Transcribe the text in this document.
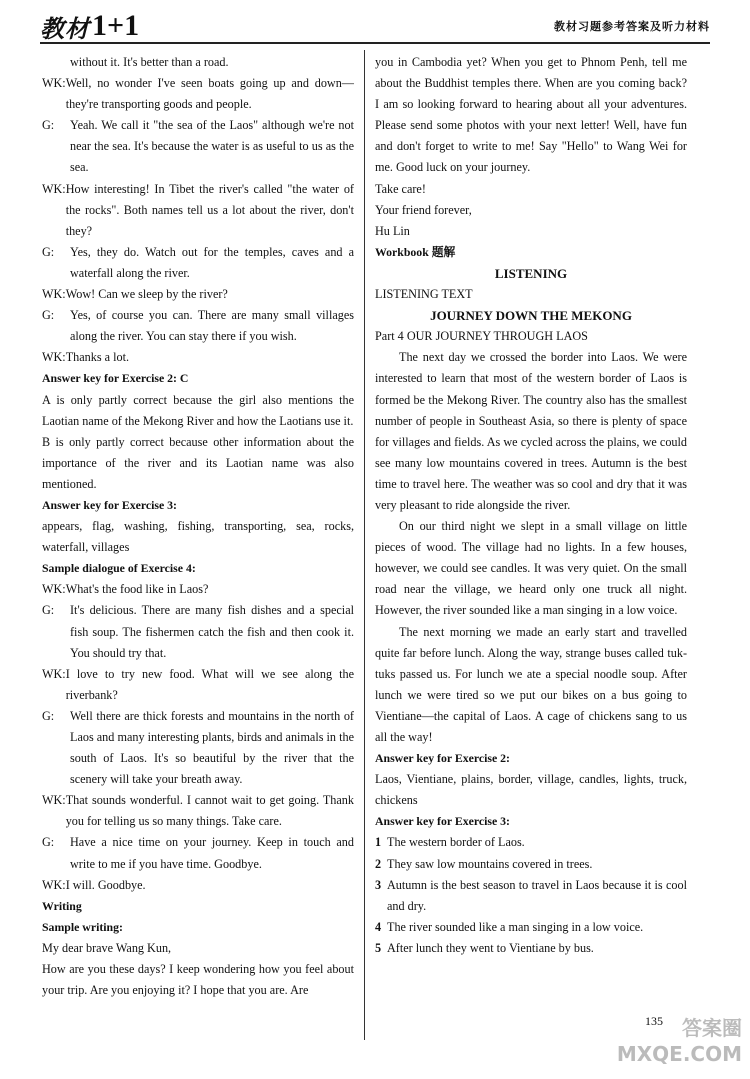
教材 1+1	教材习题参考答案及听力材料

without it. It's better than a road.

WK: Well, no wonder I've seen boats going up and down—they're transporting goods and people.
G:	Yeah. We call it "the sea of the Laos" although we're not near the sea. It's because the water is as useful to us as the sea.
WK: How interesting! In Tibet the river's called "the water of the rocks". Both names tell us a lot about the river, don't they?
G:	Yes, they do. Watch out for the temples, caves and a waterfall along the river.
WK: Wow! Can we sleep by the river?
G:	Yes, of course you can. There are many small villages along the river. You can stay there if you wish.
WK: Thanks a lot.

Answer key for Exercise 2: C

A is only partly correct because the girl also mentions the Laotian name of the Mekong River and how the Laotians use it.

B is only partly correct because other information about the importance of the river and its Laotian name was also mentioned.

Answer key for Exercise 3:

appears, flag, washing, fishing, transporting, sea, rocks, waterfall, villages

Sample dialogue of Exercise 4:

WK: What's the food like in Laos?
G:	It's delicious. There are many fish dishes and a special fish soup. The fishermen catch the fish and then cook it. You should try that.
WK: I love to try new food. What will we see along the riverbank?
G:	Well there are thick forests and mountains in the north of Laos and many interesting plants, birds and animals in the south of Laos. It's so beautiful by the river that the scenery will take your breath away.
WK: That sounds wonderful. I cannot wait to get going. Thank you for telling us so many things. Take care.
G:	Have a nice time on your journey. Keep in touch and write to me if you have time. Goodbye.
WK: I will. Goodbye.

Writing

Sample writing:

My dear brave Wang Kun,

How are you these days? I keep wondering how you feel about your trip. Are you enjoying it? I hope that you are. Are

you in Cambodia yet? When you get to Phnom Penh, tell me about the Buddhist temples there. When are you coming back? I am so looking forward to hearing about all your adventures. Please send some photos with your next letter! Well, have fun and don't forget to write to me! Say "Hello" to Wang Wei for me. Good luck on your journey.

Take care!

Your friend forever,

Hu Lin

Workbook 题解

LISTENING

LISTENING TEXT

JOURNEY DOWN THE MEKONG

Part 4 OUR JOURNEY THROUGH LAOS

The next day we crossed the border into Laos. We were interested to learn that most of the western border of Laos is formed be the Mekong River. The country also has the smallest number of people in Southeast Asia, so there is plenty of space for villages and fields. As we cycled across the plains, we could see many low mountains covered in trees. Autumn is the best time to travel here. The weather was so cool and dry that it was very pleasant to ride alongside the river.

On our third night we slept in a small village on little pieces of wood. The village had no lights. In a few houses, however, we could see candles. It was very quiet. On the small road near the village, we heard only one truck all night. However, the river sounded like a man singing in a low voice.

The next morning we made an early start and travelled quite far before lunch. Along the way, strange buses called tuk-tuks passed us. For lunch we ate a special noodle soup. After lunch we were tired so we put our bikes on a bus going to Vientiane—the capital of Laos. A cage of chickens sang to us all the way!

Answer key for Exercise 2:

Laos, Vientiane, plains, border, village, candles, lights, truck, chickens

Answer key for Exercise 3:

1 The western border of Laos.
2 They saw low mountains covered in trees.
3 Autumn is the best season to travel in Laos because it is cool and dry.
4 The river sounded like a man singing in a low voice.
5 After lunch they went to Vientiane by bus.
135 答案圈
MXQE.COM
